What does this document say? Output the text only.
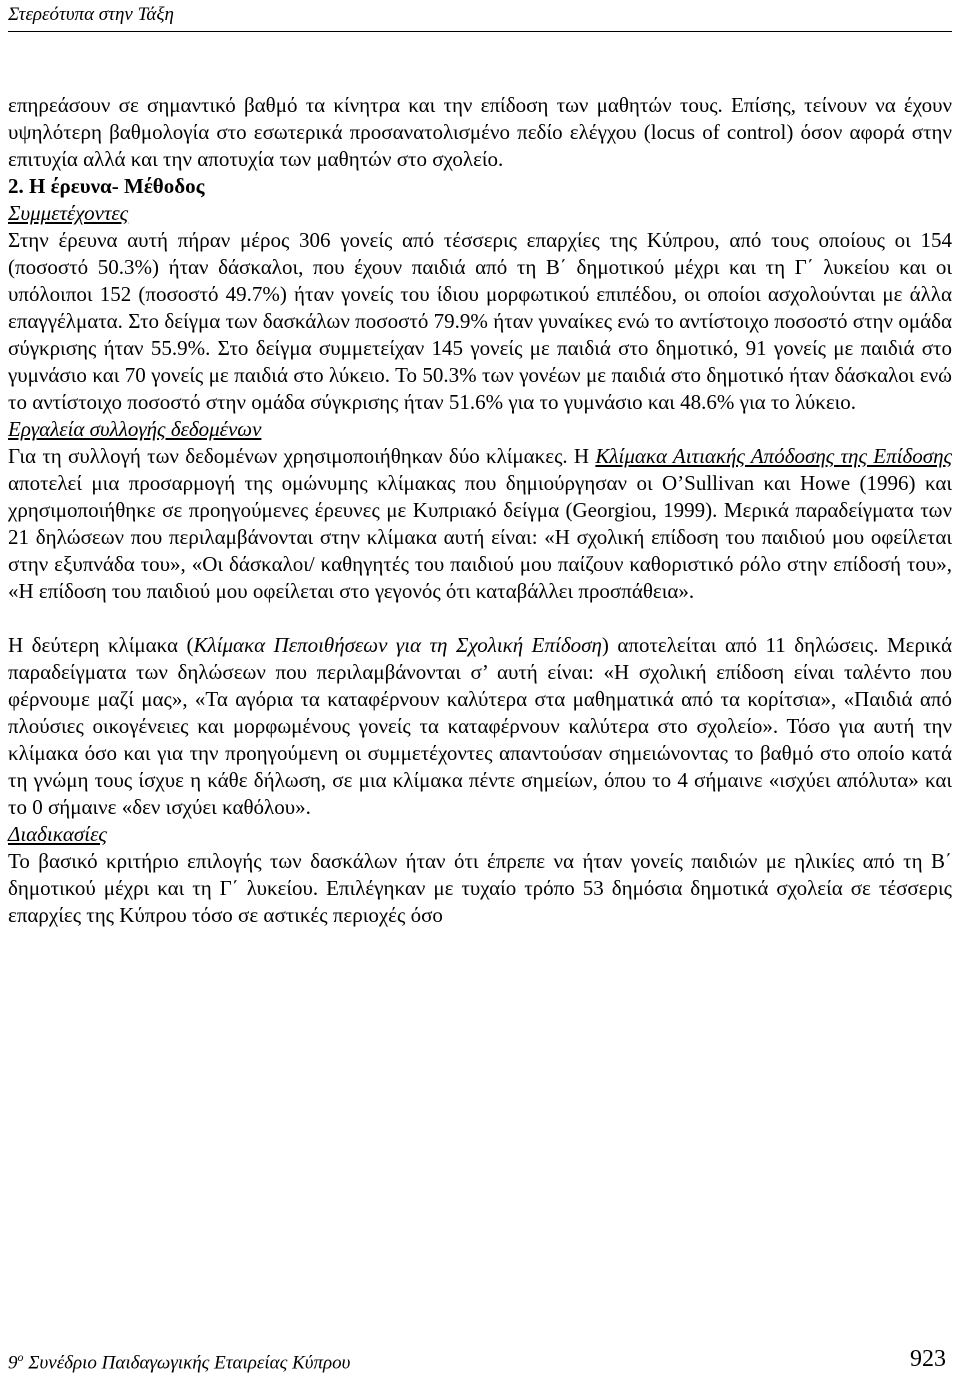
Στερεότυπα στην Τάξη

επηρεάσουν σε σημαντικό βαθμό τα κίνητρα και την επίδοση των μαθητών τους. Επίσης, τείνουν να έχουν υψηλότερη βαθμολογία στο εσωτερικά προσανατολισμένο πεδίο ελέγχου (locus of control) όσον αφορά στην επιτυχία αλλά και την αποτυχία των μαθητών στο σχολείο.

2. Η έρευνα- Μέθοδος

Συμμετέχοντες

Στην έρευνα αυτή πήραν μέρος 306 γονείς από τέσσερις επαρχίες της Κύπρου, από τους οποίους οι 154 (ποσοστό 50.3%) ήταν δάσκαλοι, που έχουν παιδιά από τη Β΄ δημοτικού μέχρι και τη Γ΄ λυκείου και οι υπόλοιποι 152 (ποσοστό 49.7%) ήταν γονείς του ίδιου μορφωτικού επιπέδου, οι οποίοι ασχολούνται με άλλα επαγγέλματα. Στο δείγμα των δασκάλων ποσοστό 79.9% ήταν γυναίκες ενώ το αντίστοιχο ποσοστό στην ομάδα σύγκρισης ήταν 55.9%. Στο δείγμα συμμετείχαν 145 γονείς με παιδιά στο δημοτικό, 91 γονείς με παιδιά στο γυμνάσιο και 70 γονείς με παιδιά στο λύκειο. Το 50.3% των γονέων με παιδιά στο δημοτικό ήταν δάσκαλοι ενώ το αντίστοιχο ποσοστό στην ομάδα σύγκρισης ήταν 51.6% για το γυμνάσιο και 48.6% για το λύκειο.

Εργαλεία συλλογής δεδομένων

Για τη συλλογή των δεδομένων χρησιμοποιήθηκαν δύο κλίμακες. Η Κλίμακα Αιτιακής Απόδοσης της Επίδοσης αποτελεί μια προσαρμογή της ομώνυμης κλίμακας που δημιούργησαν οι O’Sullivan και Howe (1996) και χρησιμοποιήθηκε σε προηγούμενες έρευνες με Κυπριακό δείγμα (Georgiou, 1999). Μερικά παραδείγματα των 21 δηλώσεων που περιλαμβάνονται στην κλίμακα αυτή είναι: «Η σχολική επίδοση του παιδιού μου οφείλεται στην εξυπνάδα του», «Οι δάσκαλοι/ καθηγητές του παιδιού μου παίζουν καθοριστικό ρόλο στην επίδοσή του», «Η επίδοση του παιδιού μου οφείλεται στο γεγονός ότι καταβάλλει προσπάθεια».

Η δεύτερη κλίμακα (Κλίμακα Πεποιθήσεων για τη Σχολική Επίδοση) αποτελείται από 11 δηλώσεις. Μερικά παραδείγματα των δηλώσεων που περιλαμβάνονται σ’ αυτή είναι: «Η σχολική επίδοση είναι ταλέντο που φέρνουμε μαζί μας», «Τα αγόρια τα καταφέρνουν καλύτερα στα μαθηματικά από τα κορίτσια», «Παιδιά από πλούσιες οικογένειες και μορφωμένους γονείς τα καταφέρνουν καλύτερα στο σχολείο». Τόσο για αυτή την κλίμακα όσο και για την προηγούμενη οι συμμετέχοντες απαντούσαν σημειώνοντας το βαθμό στο οποίο κατά τη γνώμη τους ίσχυε η κάθε δήλωση, σε μια κλίμακα πέντε σημείων, όπου το 4 σήμαινε «ισχύει απόλυτα» και το 0 σήμαινε «δεν ισχύει καθόλου».

Διαδικασίες

Το βασικό κριτήριο επιλογής των δασκάλων ήταν ότι έπρεπε να ήταν γονείς παιδιών με ηλικίες από τη Β΄ δημοτικού μέχρι και τη Γ΄ λυκείου. Επιλέγηκαν με τυχαίο τρόπο 53 δημόσια δημοτικά σχολεία σε τέσσερις επαρχίες της Κύπρου τόσο σε αστικές περιοχές όσο

$9^o$ Συνέδριο Παιδαγωγικής Εταιρείας Κύπρου	923
